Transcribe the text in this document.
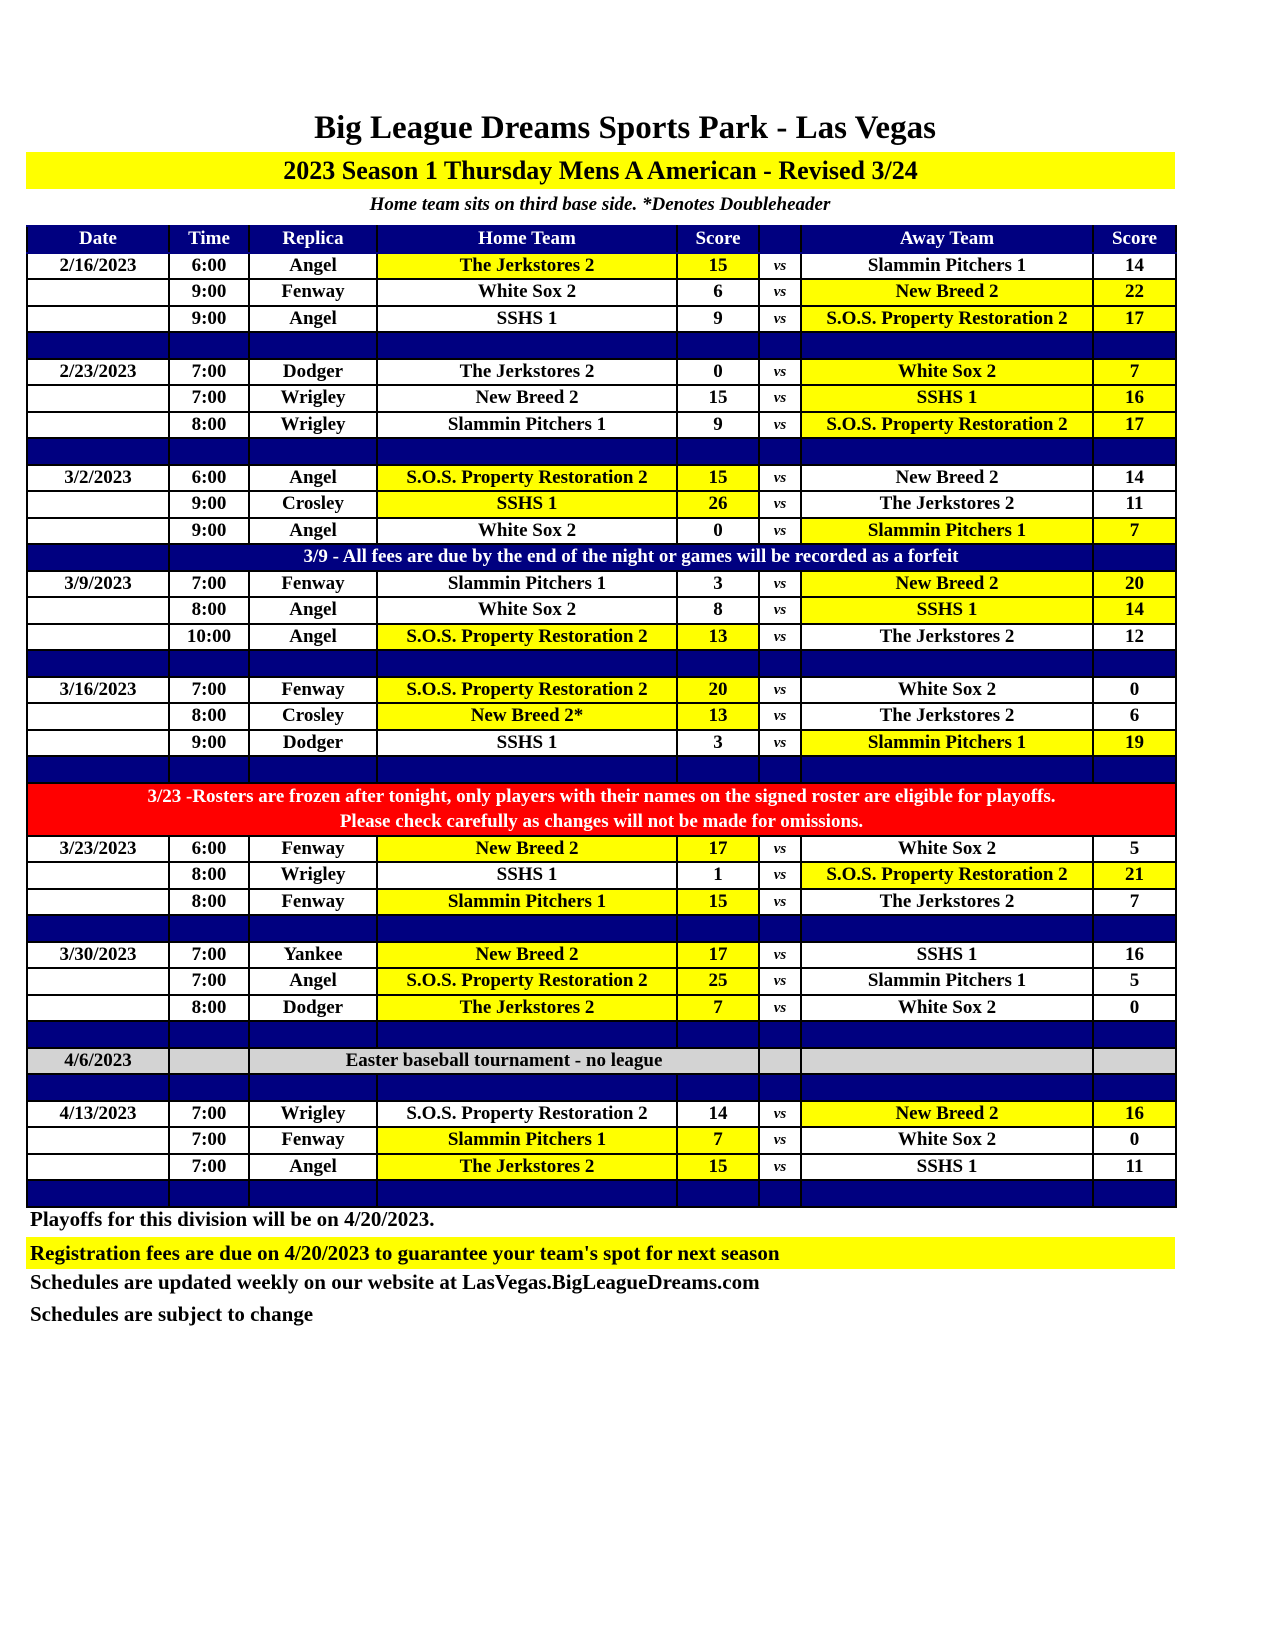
Big League Dreams Sports Park - Las Vegas
2023 Season 1 Thursday Mens A American - Revised 3/24
Home team sits on third base side. *Denotes Doubleheader
Date	Time	Replica	Home Team	Score		Away Team	Score
2/16/2023	6:00	Angel	The Jerkstores 2	15	vs	Slammin Pitchers 1	14
	9:00	Fenway	White Sox 2	6	vs	New Breed 2	22
	9:00	Angel	SSHS 1	9	vs	S.O.S. Property Restoration 2	17

2/23/2023	7:00	Dodger	The Jerkstores 2	0	vs	White Sox 2	7
	7:00	Wrigley	New Breed 2	15	vs	SSHS 1	16
	8:00	Wrigley	Slammin Pitchers 1	9	vs	S.O.S. Property Restoration 2	17

3/2/2023	6:00	Angel	S.O.S. Property Restoration 2	15	vs	New Breed 2	14
	9:00	Crosley	SSHS 1	26	vs	The Jerkstores 2	11
	9:00	Angel	White Sox 2	0	vs	Slammin Pitchers 1	7
	3/9 - All fees are due by the end of the night or games will be recorded as a forfeit						
3/9/2023	7:00	Fenway	Slammin Pitchers 1	3	vs	New Breed 2	20
	8:00	Angel	White Sox 2	8	vs	SSHS 1	14
	10:00	Angel	S.O.S. Property Restoration 2	13	vs	The Jerkstores 2	12

3/16/2023	7:00	Fenway	S.O.S. Property Restoration 2	20	vs	White Sox 2	0
	8:00	Crosley	New Breed 2*	13	vs	The Jerkstores 2	6
	9:00	Dodger	SSHS 1	3	vs	Slammin Pitchers 1	19

3/23 -Rosters are frozen after tonight, only players with their names on the signed roster are eligible for playoffs.
Please check carefully as changes will not be made for omissions.							

3/23/2023	6:00	Fenway	New Breed 2	17	vs	White Sox 2	5
	8:00	Wrigley	SSHS 1	1	vs	S.O.S. Property Restoration 2	21
	8:00	Fenway	Slammin Pitchers 1	15	vs	The Jerkstores 2	7

3/30/2023	7:00	Yankee	New Breed 2	17	vs	SSHS 1	16
	7:00	Angel	S.O.S. Property Restoration 2	25	vs	Slammin Pitchers 1	5
	8:00	Dodger	The Jerkstores 2	7	vs	White Sox 2	0

4/6/2023		Easter baseball tournament - no league					

4/13/2023	7:00	Wrigley	S.O.S. Property Restoration 2	14	vs	New Breed 2	16
	7:00	Fenway	Slammin Pitchers 1	7	vs	White Sox 2	0
	7:00	Angel	The Jerkstores 2	15	vs	SSHS 1	11

Playoffs for this division will be on 4/20/2023.
Registration fees are due on 4/20/2023 to guarantee your team's spot for next season
Schedules are updated weekly on our website at LasVegas.BigLeagueDreams.com
Schedules are subject to change
